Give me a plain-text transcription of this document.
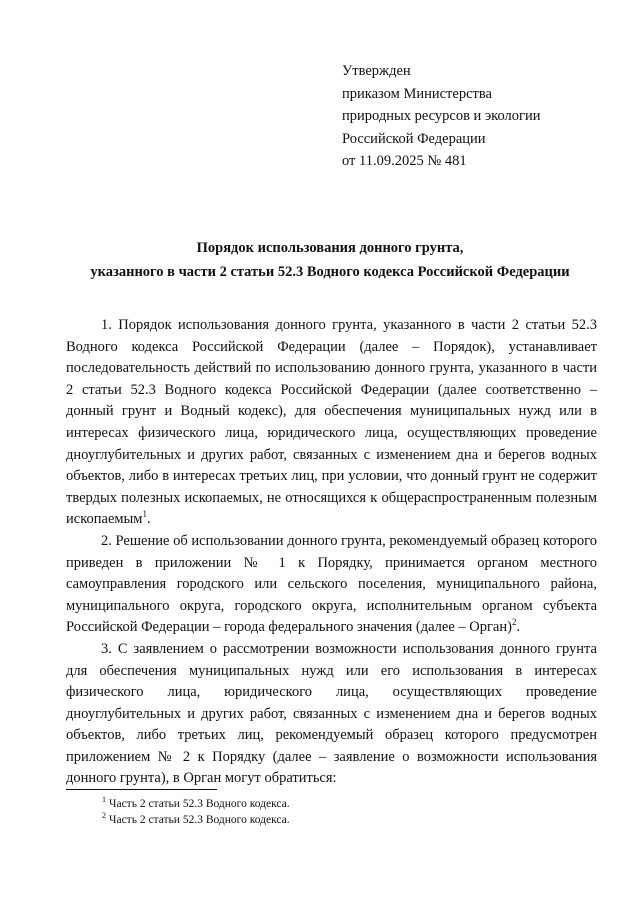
Утвержден
приказом Министерства
природных ресурсов и экологии
Российской Федерации
от 11.09.2025 № 481
Порядок использования донного грунта,
указанного в части 2 статьи 52.3 Водного кодекса Российской Федерации

1. Порядок использования донного грунта, указанного в части 2 статьи 52.3 Водного кодекса Российской Федерации (далее – Порядок), устанавливает последовательность действий по использованию донного грунта, указанного в части 2 статьи 52.3 Водного кодекса Российской Федерации (далее соответственно – донный грунт и Водный кодекс), для обеспечения муниципальных нужд или в интересах физического лица, юридического лица, осуществляющих проведение дноуглубительных и других работ, связанных с изменением дна и берегов водных объектов, либо в интересах третьих лиц, при условии, что донный грунт не содержит твердых полезных ископаемых, не относящихся к общераспространенным полезным ископаемым$^1$.

2. Решение об использовании донного грунта, рекомендуемый образец которого приведен в приложении № 1 к Порядку, принимается органом местного самоуправления городского или сельского поселения, муниципального района, муниципального округа, городского округа, исполнительным органом субъекта Российской Федерации – города федерального значения (далее – Орган)$^2$.

3. С заявлением о рассмотрении возможности использования донного грунта для обеспечения муниципальных нужд или его использования в интересах физического лица, юридического лица, осуществляющих проведение дноуглубительных и других работ, связанных с изменением дна и берегов водных объектов, либо третьих лиц, рекомендуемый образец которого предусмотрен приложением № 2 к Порядку (далее – заявление о возможности использования донного грунта), в Орган могут обратиться:

$^1$ Часть 2 статьи 52.3 Водного кодекса.
$^2$ Часть 2 статьи 52.3 Водного кодекса.
